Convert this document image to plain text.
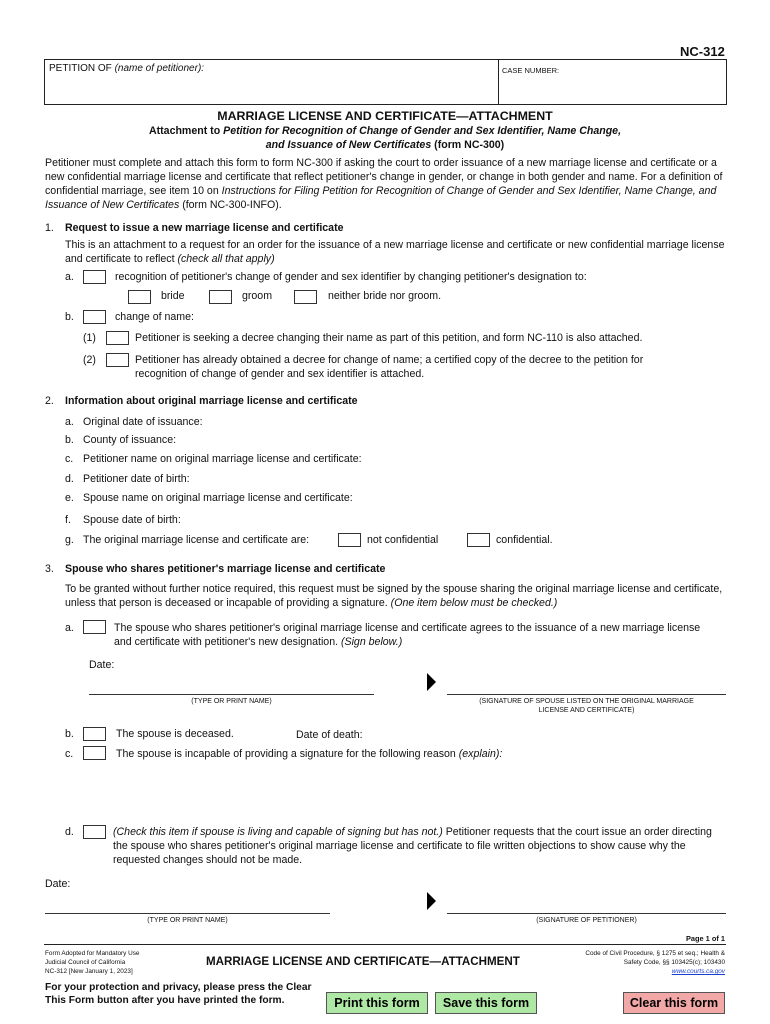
NC-312
PETITION OF (name of petitioner):	CASE NUMBER:
MARRIAGE LICENSE AND CERTIFICATE—ATTACHMENT
Attachment to Petition for Recognition of Change of Gender and Sex Identifier, Name Change,
and Issuance of New Certificates (form NC-300)

Petitioner must complete and attach this form to form NC-300 if asking the court to order issuance of a new marriage license and certificate or a new confidential marriage license and certificate that reflect petitioner's change in gender, or change in both gender and name. For a definition of confidential marriage, see item 10 on Instructions for Filing Petition for Recognition of Change of Gender and Sex Identifier, Name Change, and Issuance of New Certificates (form NC-300-INFO).

1. Request to issue a new marriage license and certificate

This is an attachment to a request for an order for the issuance of a new marriage license and certificate or new confidential marriage license and certificate to reflect (check all that apply)

a.	recognition of petitioner's change of gender and sex identifier by changing petitioner's designation to:
bride	groom	neither bride nor groom.
b.	change of name:
(1)	Petitioner is seeking a decree changing their name as part of this petition, and form NC-110 is also attached.
(2)	Petitioner has already obtained a decree for change of name; a certified copy of the decree to the petition for recognition of change of gender and sex identifier is attached.

2. Information about original marriage license and certificate
a. Original date of issuance:
b. County of issuance:
c. Petitioner name on original marriage license and certificate:
d. Petitioner date of birth:
e. Spouse name on original marriage license and certificate:
f. Spouse date of birth:
g. The original marriage license and certificate are:	not confidential	confidential.
3. Spouse who shares petitioner's marriage license and certificate

To be granted without further notice required, this request must be signed by the spouse sharing the original marriage license and certificate, unless that person is deceased or incapable of providing a signature. (One item below must be checked.)

a.	The spouse who shares petitioner's original marriage license and certificate agrees to the issuance of a new marriage license and certificate with petitioner's new designation. (Sign below.)

Date:
(TYPE OR PRINT NAME)	(SIGNATURE OF SPOUSE LISTED ON THE ORIGINAL MARRIAGE
LICENSE AND CERTIFICATE)
b.	The spouse is deceased.	Date of death:
c.	The spouse is incapable of providing a signature for the following reason (explain):
d.	(Check this item if spouse is living and capable of signing but has not.) Petitioner requests that the court issue an order directing the spouse who shares petitioner's original marriage license and certificate to file written objections to show cause why the requested changes should not be made.

Date:
(TYPE OR PRINT NAME)	(SIGNATURE OF PETITIONER)
Page 1 of 1
Form Adopted for Mandatory Use
Judicial Council of California
NC-312 [New January 1, 2023]
MARRIAGE LICENSE AND CERTIFICATE—ATTACHMENT
Code of Civil Procedure, § 1275 et seq.; Health &
Safety Code, §§ 103425(c); 103430
www.courts.ca.gov
For your protection and privacy, please press the Clear
This Form button after you have printed the form.	Print this form	Save this form	Clear this form
